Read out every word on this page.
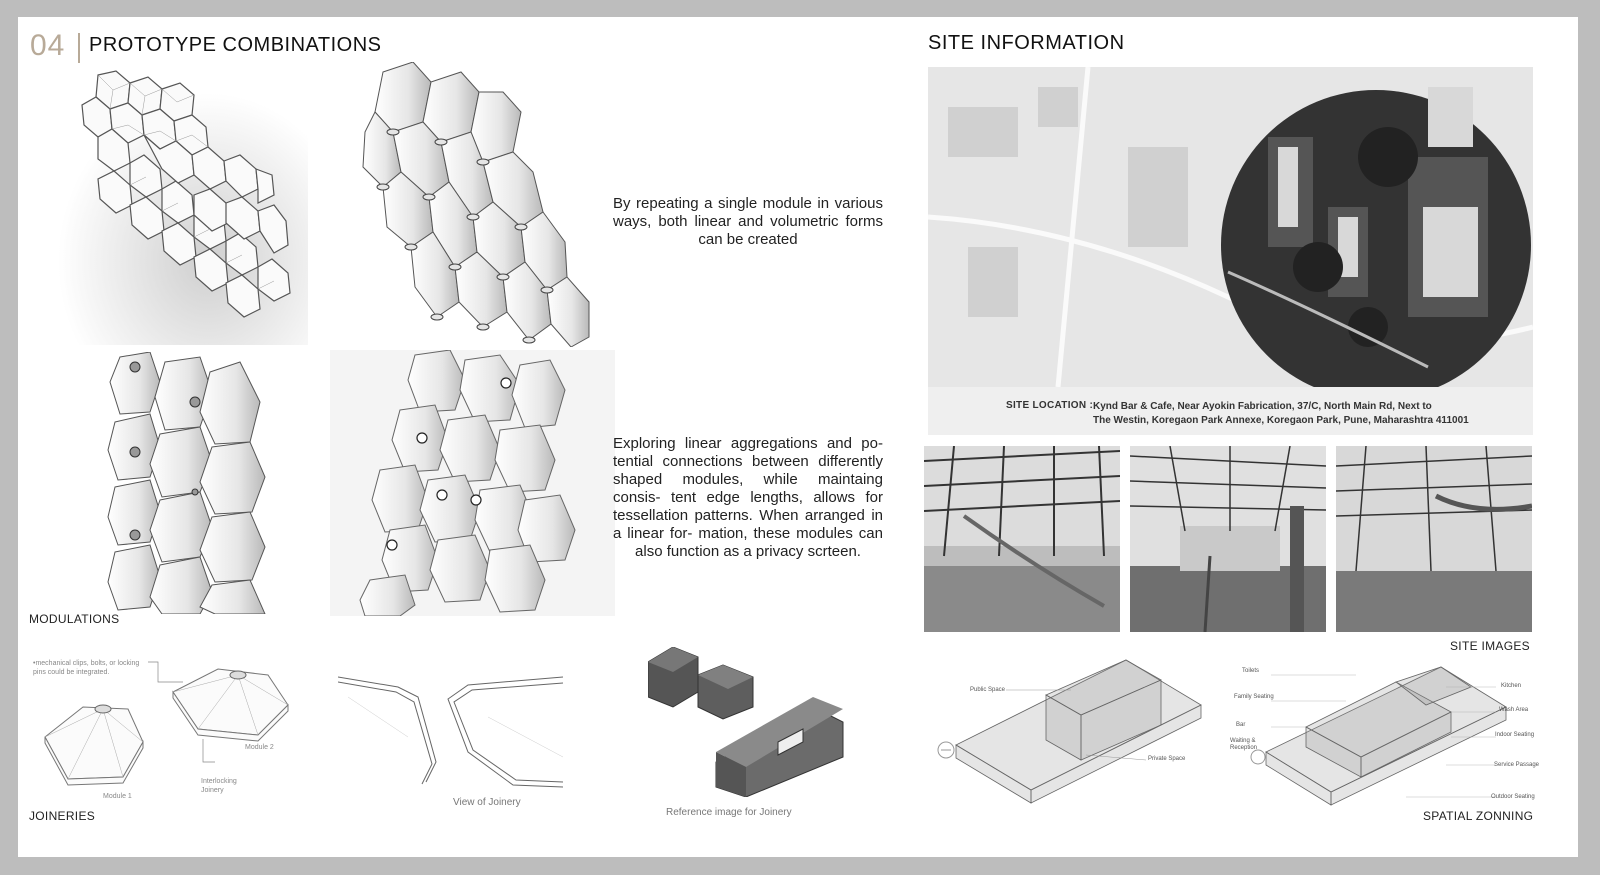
04 PROTOTYPE COMBINATIONS
By repeating a single module in various ways, both linear and volumetric forms can be created
Exploring linear aggregations and po- tential connections between differently shaped modules, while maintaing consis- tent edge lengths, allows for tessellation patterns. When arranged in a linear for- mation, these modules can also function as a privacy scrteen.
MODULATIONS
JOINERIES
•mechanical clips, bolts, or locking pins could be integrated.
Module 1
Module 2
Interlocking Joinery
View of Joinery
Reference image for Joinery
SITE INFORMATION
SITE LOCATION : Kynd Bar & Cafe, Near Ayokin Fabrication, 37/C, North Main Rd, Next to
The Westin, Koregaon Park Annexe, Koregaon Park, Pune, Maharashtra 411001
SITE IMAGES
Public Space
Private Space
Toilets
Family Seating
Bar
Waiting & Reception
Kitchen
Wash Area
Indoor Seating
Service Passage
Outdoor Seating
SPATIAL ZONNING
